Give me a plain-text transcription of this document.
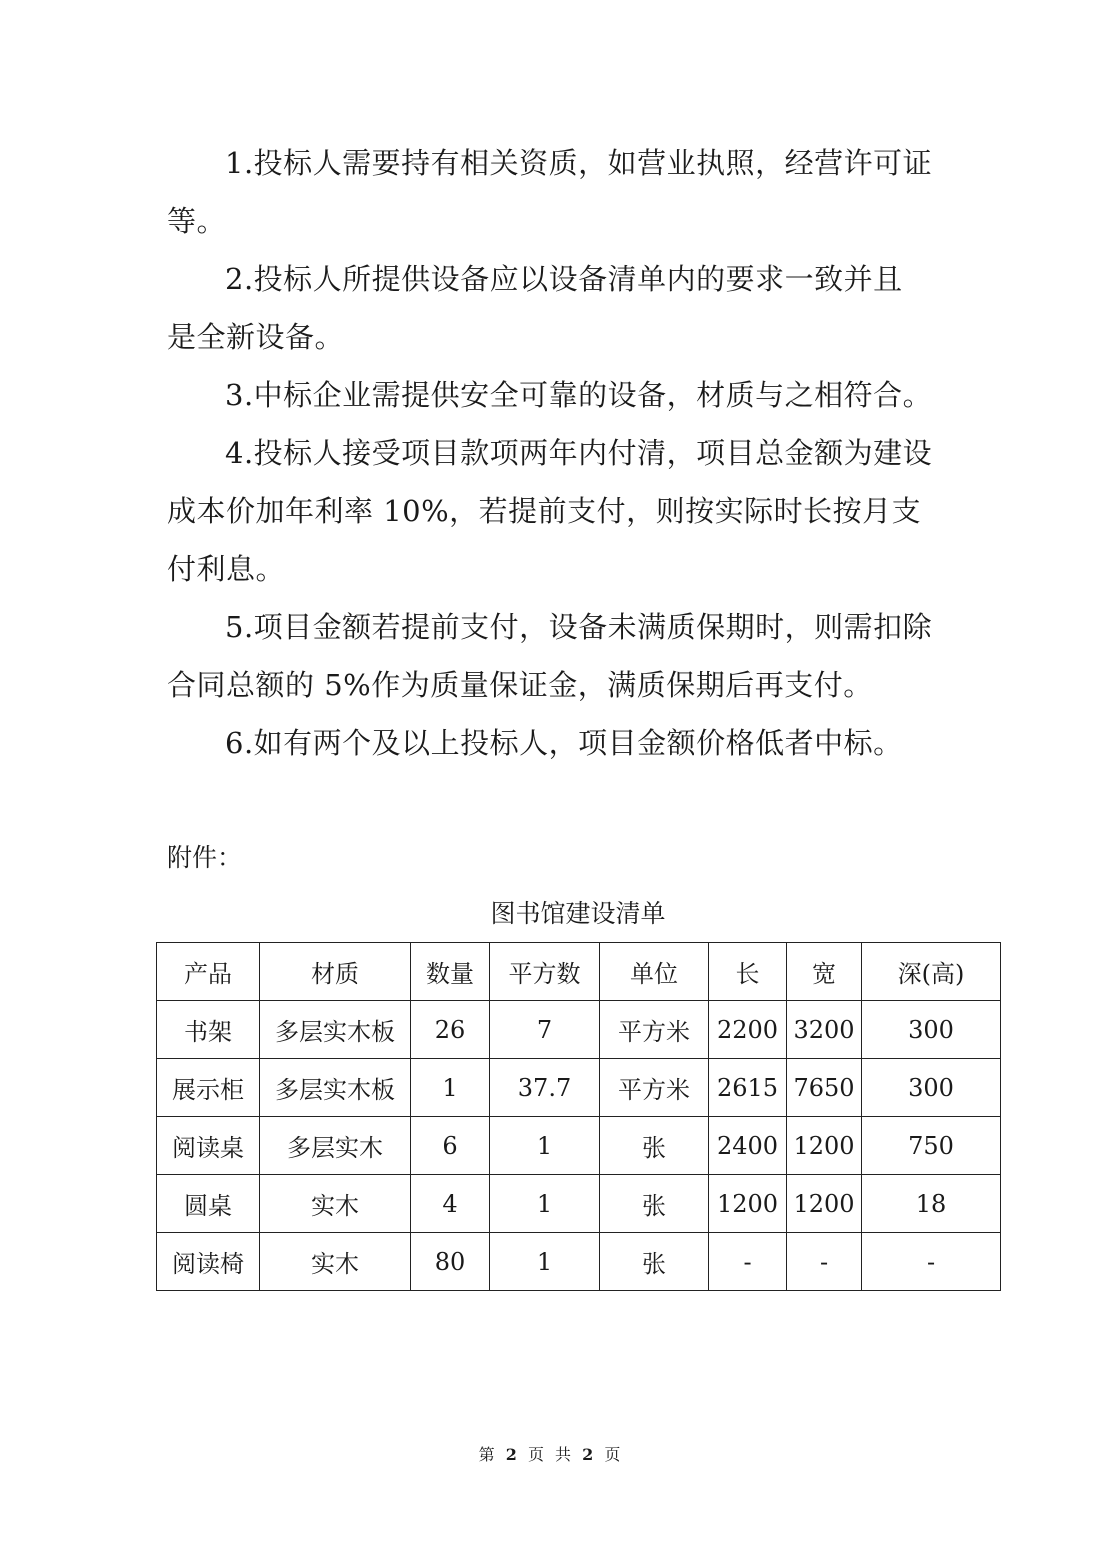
1.投标人需要持有相关资质，如营业执照，经营许可证等。

2.投标人所提供设备应以设备清单内的要求一致并且是全新设备。

3.中标企业需提供安全可靠的设备，材质与之相符合。

4.投标人接受项目款项两年内付清，项目总金额为建设成本价加年利率 10%，若提前支付，则按实际时长按月支付利息。

5.项目金额若提前支付，设备未满质保期时，则需扣除合同总额的 5%作为质量保证金，满质保期后再支付。

6.如有两个及以上投标人，项目金额价格低者中标。

附件：
图书馆建设清单
产品	材质	数量	平方数	单位	长	宽	深(高)
书架	多层实木板	26	7	平方米	2200	3200	300
展示柜	多层实木板	1	37.7	平方米	2615	7650	300
阅读桌	多层实木	6	1	张	2400	1200	750
圆桌	实木	4	1	张	1200	1200	18
阅读椅	实木	80	1	张	-	-	-
第 2 页 共 2 页
